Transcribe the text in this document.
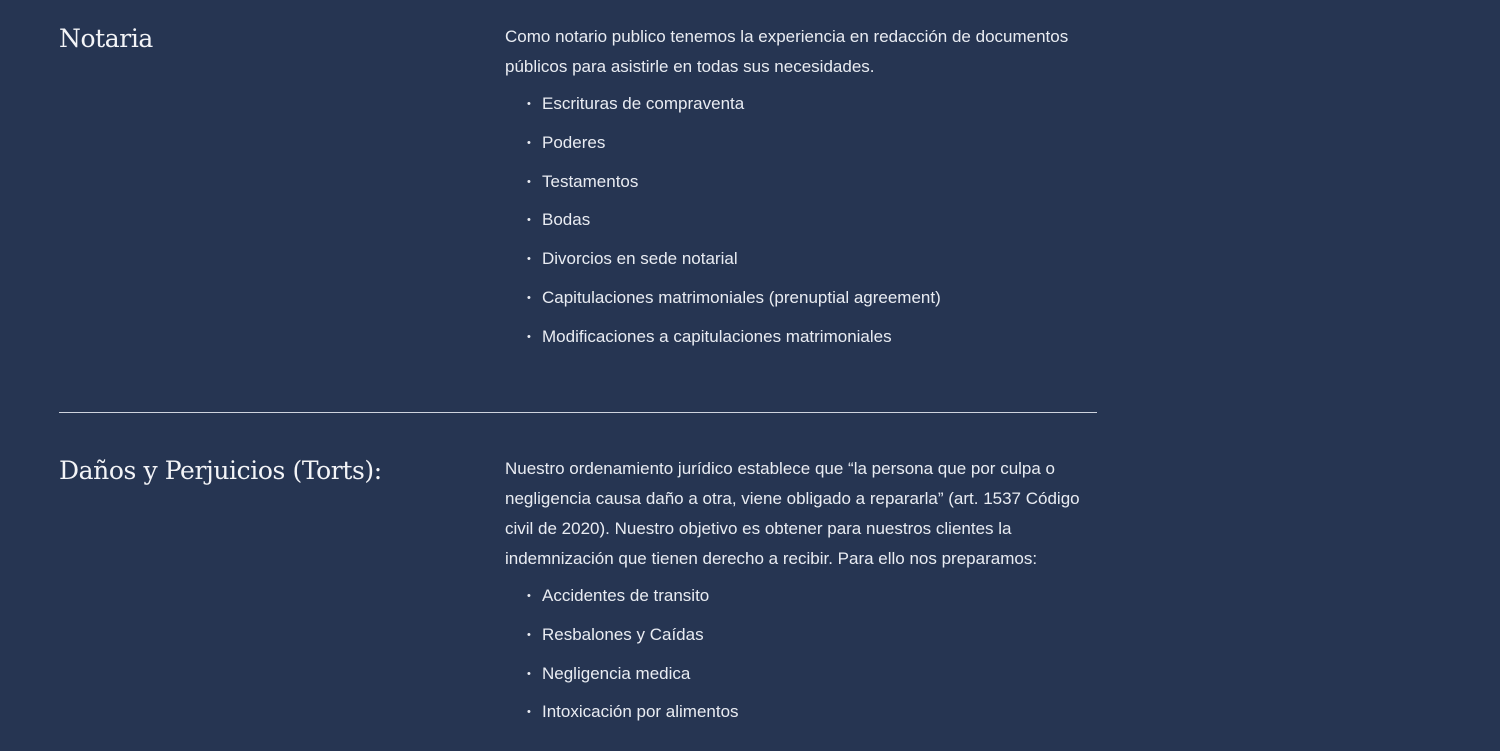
Notaria	Como notario publico tenemos la experiencia en redacción de documentos públicos para asistirle en todas sus necesidades.

• Escrituras de compraventa
• Poderes
• Testamentos
• Bodas
• Divorcios en sede notarial
• Capitulaciones matrimoniales (prenuptial agreement)
• Modificaciones a capitulaciones matrimoniales
Daños y Perjuicios (Torts):	Nuestro ordenamiento jurídico establece que “la persona que por culpa o negligencia causa daño a otra, viene obligado a repararla” (art. 1537 Código civil de 2020). Nuestro objetivo es obtener para nuestros clientes la indemnización que tienen derecho a recibir. Para ello nos preparamos:

• Accidentes de transito
• Resbalones y Caídas
• Negligencia medica
• Intoxicación por alimentos
